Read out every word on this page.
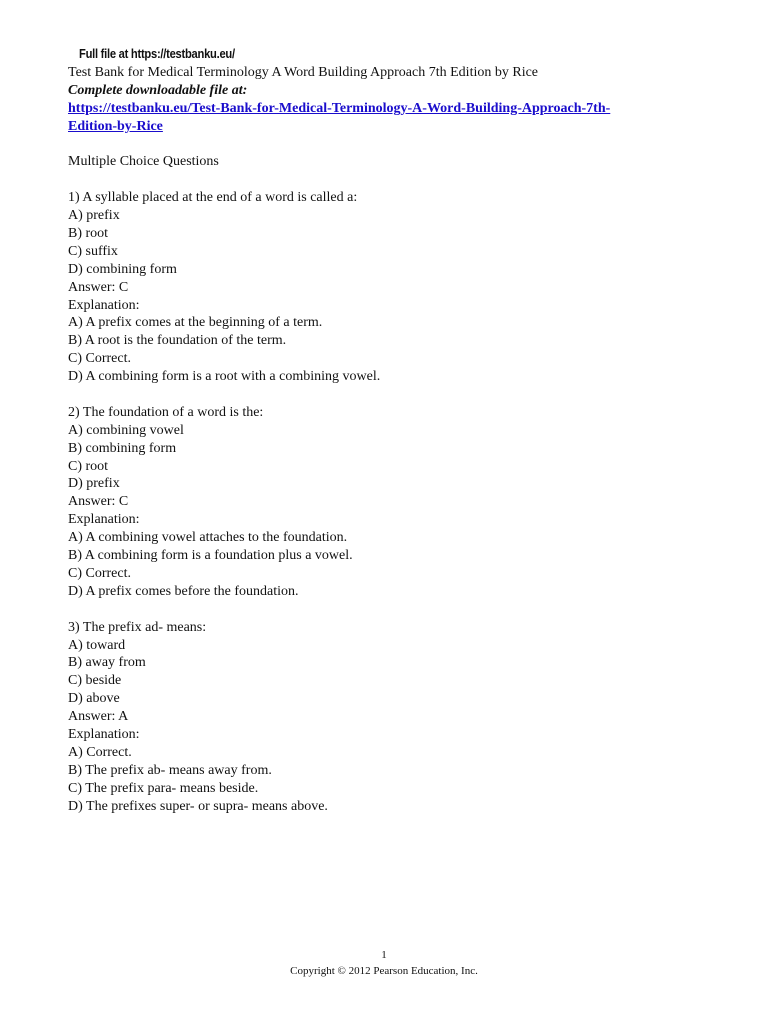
Full file at https://testbanku.eu/
Test Bank for Medical Terminology A Word Building Approach 7th Edition by Rice
Complete downloadable file at:
https://testbanku.eu/Test-Bank-for-Medical-Terminology-A-Word-Building-Approach-7th-
Edition-by-Rice
Multiple Choice Questions
1) A syllable placed at the end of a word is called a:
A) prefix
B) root
C) suffix
D) combining form
Answer: C
Explanation:
A) A prefix comes at the beginning of a term.
B) A root is the foundation of the term.
C) Correct.
D) A combining form is a root with a combining vowel.
2) The foundation of a word is the:
A) combining vowel
B) combining form
C) root
D) prefix
Answer: C
Explanation:
A) A combining vowel attaches to the foundation.
B) A combining form is a foundation plus a vowel.
C) Correct.
D) A prefix comes before the foundation.
3) The prefix ad- means:
A) toward
B) away from
C) beside
D) above
Answer: A
Explanation:
A) Correct.
B) The prefix ab- means away from.
C) The prefix para- means beside.
D) The prefixes super- or supra- means above.
1
Copyright © 2012 Pearson Education, Inc.
